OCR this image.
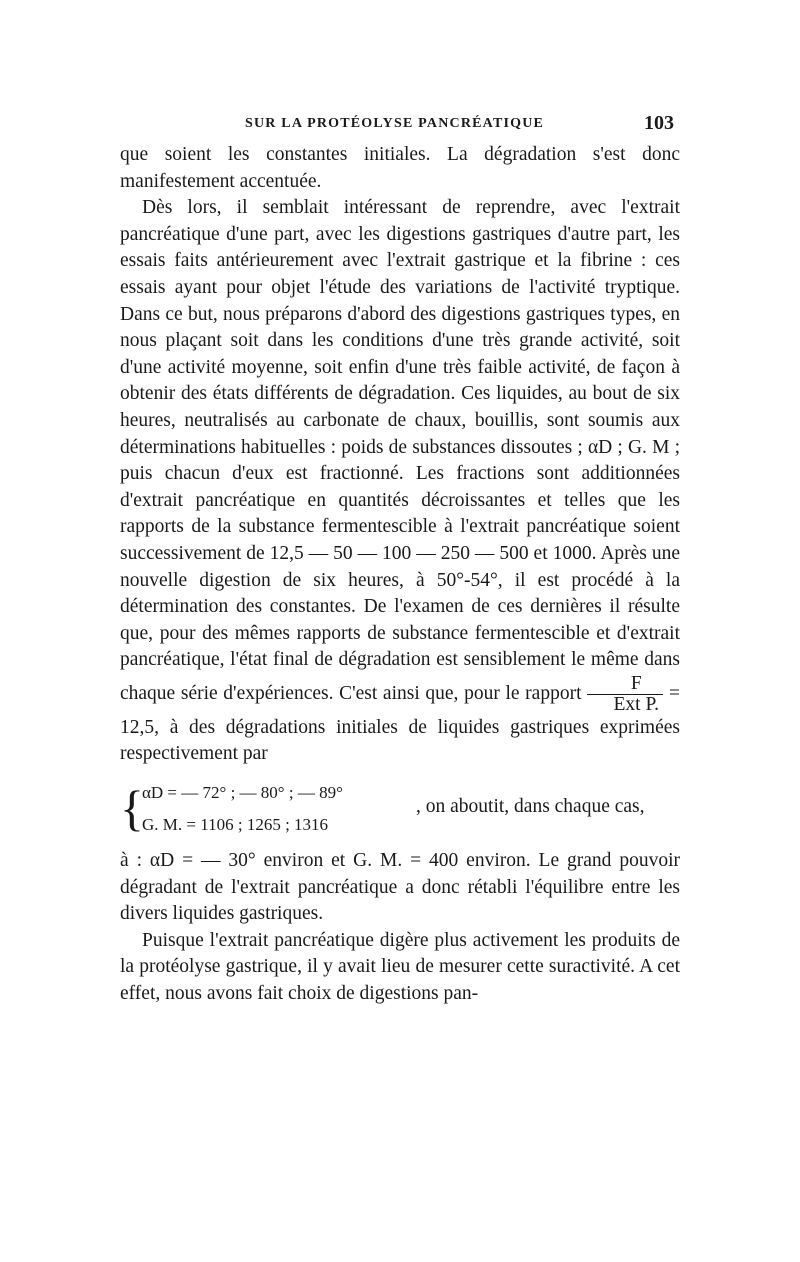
SUR LA PROTÉOLYSE PANCRÉATIQUE	103

que soient les constantes initiales. La dégradation s'est donc manifestement accentuée.

Dès lors, il semblait intéressant de reprendre, avec l'extrait pancréatique d'une part, avec les digestions gastriques d'autre part, les essais faits antérieurement avec l'extrait gastrique et la fibrine : ces essais ayant pour objet l'étude des variations de l'activité tryptique. Dans ce but, nous préparons d'abord des digestions gastriques types, en nous plaçant soit dans les conditions d'une très grande activité, soit d'une activité moyenne, soit enfin d'une très faible activité, de façon à obtenir des états différents de dégradation. Ces liquides, au bout de six heures, neutralisés au carbonate de chaux, bouillis, sont soumis aux déterminations habituelles : poids de substances dissoutes ; αD ; G. M ; puis chacun d'eux est fractionné. Les fractions sont additionnées d'extrait pancréatique en quantités décroissantes et telles que les rapports de la substance fermentescible à l'extrait pancréatique soient successivement de 12,5 — 50 — 100 — 250 — 500 et 1000. Après une nouvelle digestion de six heures, à 50°-54°, il est procédé à la détermination des constantes. De l'examen de ces dernières il résulte que, pour des mêmes rapports de substance fermentescible et d'extrait pancréatique, l'état final de dégradation est sensiblement le même dans chaque série d'expériences. C'est ainsi que, pour le rapport $\frac{F}{\text{Ext P.}} = 12,5$, à des dégradations initiales de liquides gastriques exprimées respectivement par

{
αD = — 72° ; — 80° ; — 89°
G. M. = 1106 ; 1265 ; 1316
, on aboutit, dans chaque cas,

à : αD = — 30° environ et G. M. = 400 environ. Le grand pouvoir dégradant de l'extrait pancréatique a donc rétabli l'équilibre entre les divers liquides gastriques.

Puisque l'extrait pancréatique digère plus activement les produits de la protéolyse gastrique, il y avait lieu de mesurer cette suractivité. A cet effet, nous avons fait choix de digestions pan-
